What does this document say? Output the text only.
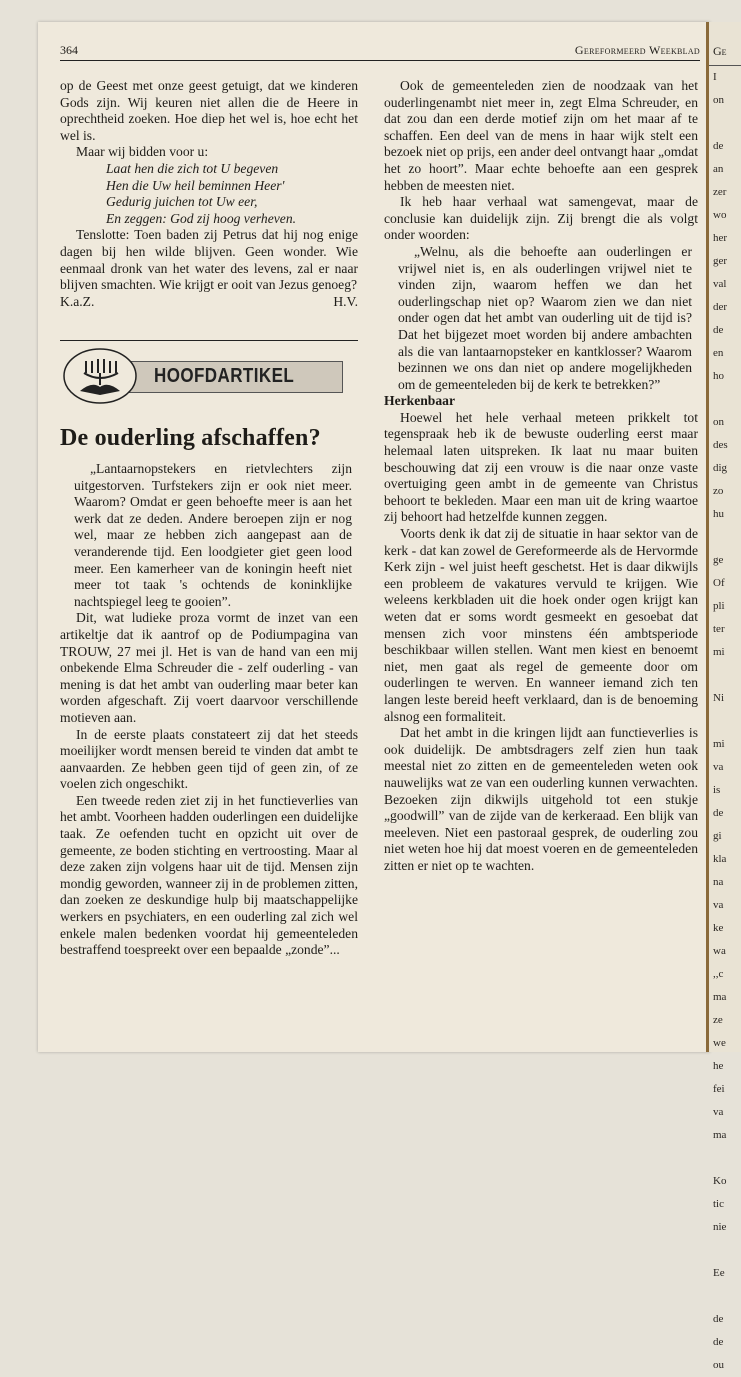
Ge
I
on

de
an
zer
wo
her
ger
val
der
de
en
ho

on
des
dig
zo
hu

ge
Of
pli
ter
mi

Ni

mi
va
is
de
gi
kla
na
va
ke
wa
,,c
ma
ze
we
he
fei
va
ma

Ko
tic
nie

Ee

de
de
ou
364	Gereformeerd Weekblad

op de Geest met onze geest getuigt, dat we kinderen Gods zijn. Wij keuren niet allen die de Heere in oprechtheid zoeken. Hoe diep het wel is, hoe echt het wel is.

Maar wij bidden voor u:

Laat hen die zich tot U begeven
Hen die Uw heil beminnen Heer'
Gedurig juichen tot Uw eer,
En zeggen: God zij hoog verheven.

Tenslotte: Toen baden zij Petrus dat hij nog enige dagen bij hen wilde blijven. Geen wonder. Wie eenmaal dronk van het water des levens, zal er naar blijven smachten. Wie krijgt er ooit van Jezus genoeg?

K.a.Z.	H.V.
HOOFDARTIKEL
De ouderling afschaffen?

„Lantaarnopstekers en rietvlechters zijn uitgestorven. Turfstekers zijn er ook niet meer. Waarom? Omdat er geen behoefte meer is aan het werk dat ze deden. Andere beroepen zijn er nog wel, maar ze hebben zich aangepast aan de veranderende tijd. Een loodgieter giet geen lood meer. Een kamerheer van de koningin heeft niet meer tot taak 's ochtends de koninklijke nachtspiegel leeg te gooien”.

Dit, wat ludieke proza vormt de inzet van een artikeltje dat ik aantrof op de Podiumpagina van TROUW, 27 mei jl. Het is van de hand van een mij onbekende Elma Schreuder die - zelf ouderling - van mening is dat het ambt van ouderling maar beter kan worden afgeschaft. Zij voert daarvoor verschillende motieven aan.

In de eerste plaats constateert zij dat het steeds moeilijker wordt mensen bereid te vinden dat ambt te aanvaarden. Ze hebben geen tijd of geen zin, of ze voelen zich ongeschikt.

Een tweede reden ziet zij in het functieverlies van het ambt. Voorheen hadden ouderlingen een duidelijke taak. Ze oefenden tucht en opzicht uit over de gemeente, ze boden stichting en vertroosting. Maar al deze zaken zijn volgens haar uit de tijd. Mensen zijn mondig geworden, wanneer zij in de problemen zitten, dan zoeken ze deskundige hulp bij maatschappelijke werkers en psychiaters, en een ouderling zal zich wel enkele malen bedenken voordat hij gemeenteleden bestraffend toespreekt over een bepaalde „zonde”...

Ook de gemeenteleden zien de noodzaak van het ouderlingenambt niet meer in, zegt Elma Schreuder, en dat zou dan een derde motief zijn om het maar af te schaffen. Een deel van de mens in haar wijk stelt een bezoek niet op prijs, een ander deel ontvangt haar „omdat het zo hoort”. Maar echte behoefte aan een gesprek hebben de meesten niet.

Ik heb haar verhaal wat samengevat, maar de conclusie kan duidelijk zijn. Zij brengt die als volgt onder woorden:

„Welnu, als die behoefte aan ouderlingen er vrijwel niet is, en als ouderlingen vrijwel niet te vinden zijn, waarom heffen we dan het ouderlingschap niet op? Waarom zien we dan niet onder ogen dat het ambt van ouderling uit de tijd is? Dat het bijgezet moet worden bij andere ambachten als die van lantaarnopsteker en kantklosser? Waarom bezinnen we ons dan niet op andere mogelijkheden om de gemeenteleden bij de kerk te betrekken?”

Herkenbaar

Hoewel het hele verhaal meteen prikkelt tot tegenspraak heb ik de bewuste ouderling eerst maar helemaal laten uitspreken. Ik laat nu maar buiten beschouwing dat zij een vrouw is die naar onze vaste overtuiging geen ambt in de gemeente van Christus behoort te bekleden. Maar een man uit de kring waartoe zij behoort had hetzelfde kunnen zeggen.

Voorts denk ik dat zij de situatie in haar sektor van de kerk - dat kan zowel de Gereformeerde als de Hervormde Kerk zijn - wel juist heeft geschetst. Het is daar dikwijls een probleem de vakatures vervuld te krijgen. Wie weleens kerkbladen uit die hoek onder ogen krijgt kan weten dat er soms wordt gesmeekt en gesoebat dat mensen zich voor minstens één ambtsperiode beschikbaar willen stellen. Want men kiest en benoemt niet, men gaat als regel de gemeente door om ouderlingen te werven. En wanneer iemand zich ten langen leste bereid heeft verklaard, dan is de benoeming alsnog een formaliteit.

Dat het ambt in die kringen lijdt aan functieverlies is ook duidelijk. De ambtsdragers zelf zien hun taak meestal niet zo zitten en de gemeenteleden weten ook nauwelijks wat ze van een ouderling kunnen verwachten. Bezoeken zijn dikwijls uitgehold tot een stukje „goodwill” van de zijde van de kerkeraad. Een blijk van meeleven. Niet een pastoraal gesprek, de ouderling zou niet weten hoe hij dat moest voeren en de gemeenteleden zitten er niet op te wachten.
